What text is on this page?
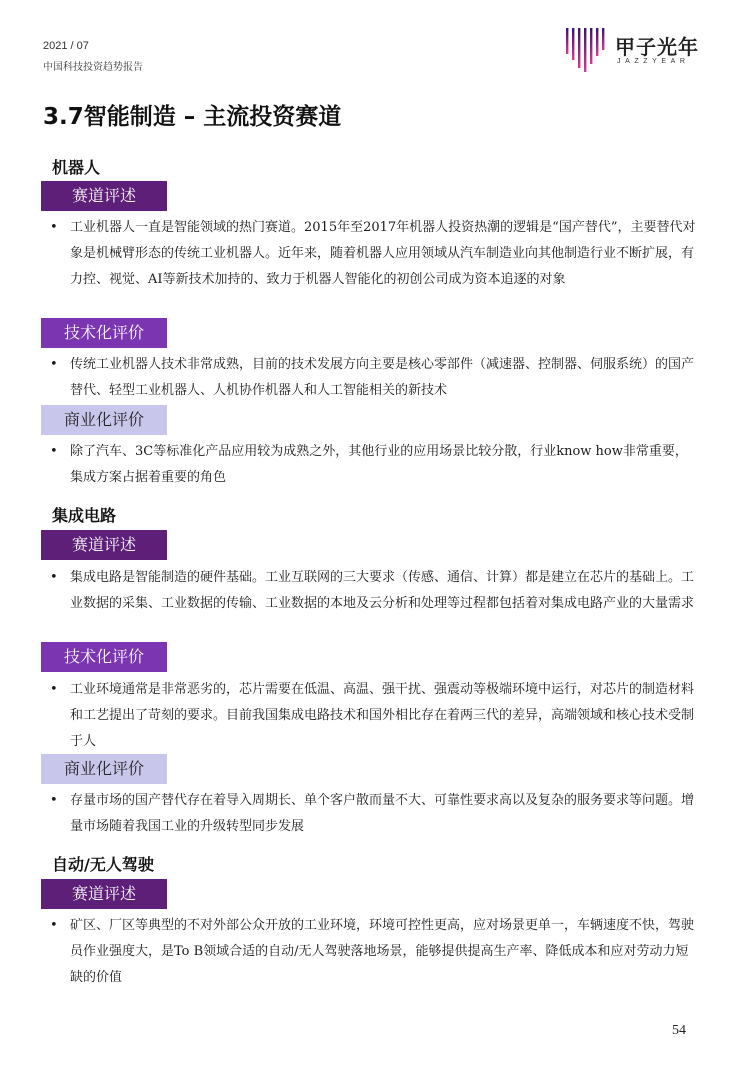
2021 / 07
中国科技投资趋势报告
甲子光年
JAZZYEAR
3.7智能制造 – 主流投资赛道
机器人
赛道评述
• 工业机器人一直是智能领域的热门赛道。2015年至2017年机器人投资热潮的逻辑是“国产替代”，主要替代对象是机械臂形态的传统工业机器人。近年来，随着机器人应用领域从汽车制造业向其他制造行业不断扩展，有力控、视觉、AI等新技术加持的、致力于机器人智能化的初创公司成为资本追逐的对象
技术化评价
• 传统工业机器人技术非常成熟，目前的技术发展方向主要是核心零部件（减速器、控制器、伺服系统）的国产替代、轻型工业机器人、人机协作机器人和人工智能相关的新技术
商业化评价
• 除了汽车、3C等标准化产品应用较为成熟之外，其他行业的应用场景比较分散，行业know how非常重要，集成方案占据着重要的角色
集成电路
赛道评述
• 集成电路是智能制造的硬件基础。工业互联网的三大要求（传感、通信、计算）都是建立在芯片的基础上。工业数据的采集、工业数据的传输、工业数据的本地及云分析和处理等过程都包括着对集成电路产业的大量需求
技术化评价
• 工业环境通常是非常恶劣的，芯片需要在低温、高温、强干扰、强震动等极端环境中运行，对芯片的制造材料和工艺提出了苛刻的要求。目前我国集成电路技术和国外相比存在着两三代的差异，高端领域和核心技术受制于人
商业化评价
• 存量市场的国产替代存在着导入周期长、单个客户散而量不大、可靠性要求高以及复杂的服务要求等问题。增量市场随着我国工业的升级转型同步发展
自动/无人驾驶
赛道评述
• 矿区、厂区等典型的不对外部公众开放的工业环境，环境可控性更高，应对场景更单一，车辆速度不快，驾驶员作业强度大，是To B领域合适的自动/无人驾驶落地场景，能够提供提高生产率、降低成本和应对劳动力短缺的价值
54
